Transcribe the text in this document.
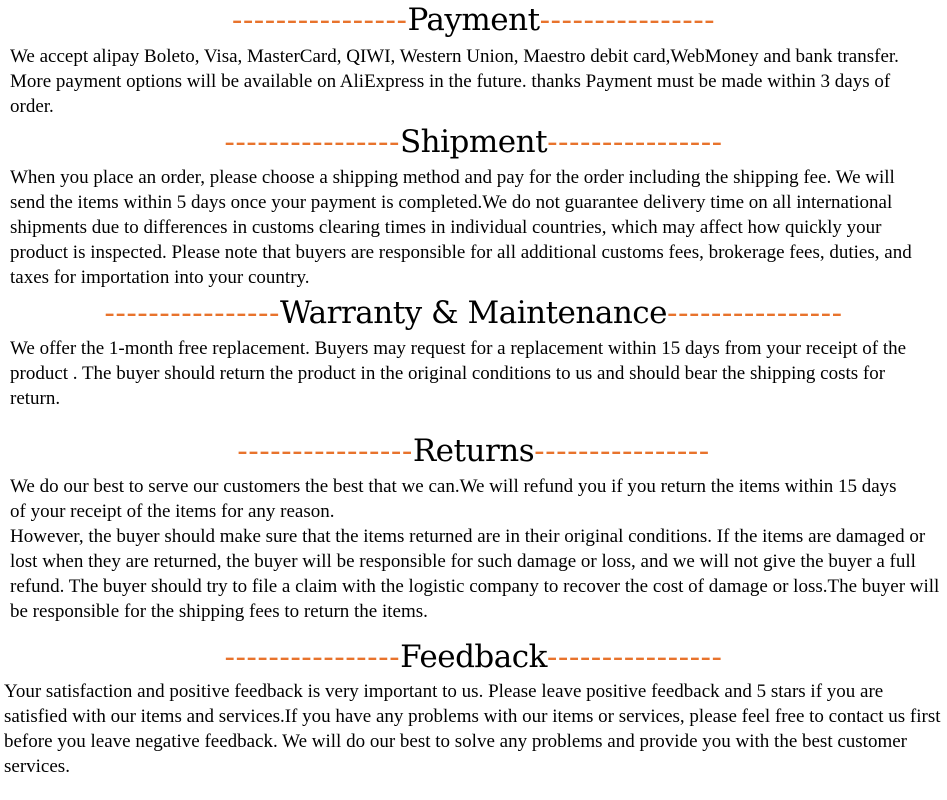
----------------Payment----------------

We accept alipay Boleto, Visa, MasterCard, QIWI, Western Union, Maestro debit card,WebMoney and bank transfer. More payment options will be available on AliExpress in the future. thanks Payment must be made within 3 days of order.

----------------Shipment----------------

When you place an order, please choose a shipping method and pay for the order including the shipping fee. We will send the items within 5 days once your payment is completed.We do not guarantee delivery time on all international shipments due to differences in customs clearing times in individual countries, which may affect how quickly your product is inspected. Please note that buyers are responsible for all additional customs fees, brokerage fees, duties, and taxes for importation into your country.

----------------Warranty & Maintenance----------------

We offer the 1-month free replacement. Buyers may request for a replacement within 15 days from your receipt of the product . The buyer should return the product in the original conditions to us and should bear the shipping costs for return.

----------------Returns----------------

We do our best to serve our customers the best that we can.We will refund you if you return the items within 15 days of your receipt of the items for any reason.

However, the buyer should make sure that the items returned are in their original conditions. If the items are damaged or lost when they are returned, the buyer will be responsible for such damage or loss, and we will not give the buyer a full refund. The buyer should try to file a claim with the logistic company to recover the cost of damage or loss.The buyer will be responsible for the shipping fees to return the items.

----------------Feedback----------------

Your satisfaction and positive feedback is very important to us. Please leave positive feedback and 5 stars if you are satisfied with our items and services.If you have any problems with our items or services, please feel free to contact us first before you leave negative feedback. We will do our best to solve any problems and provide you with the best customer services.
